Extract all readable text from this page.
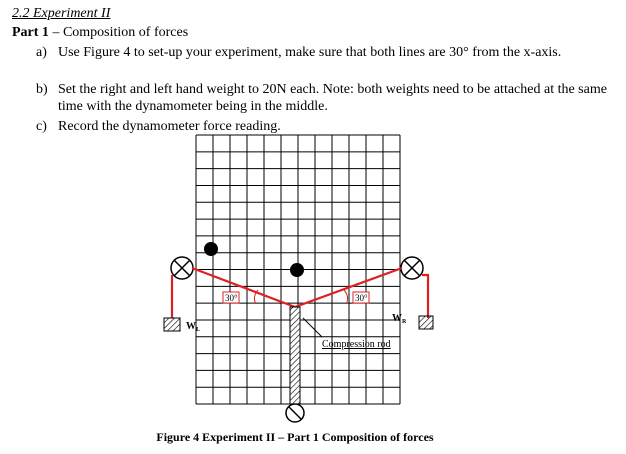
2.2 Experiment II
Part 1 – Composition of forces
a) Use Figure 4 to set-up your experiment, make sure that both lines are 30° from the x-axis.
b) Set the right and left hand weight to 20N each. Note: both weights need to be attached at the same time with the dynamometer being in the middle.
c) Record the dynamometer force reading.
30°	30°
$W_L$
$W_R$
Compression rod
Figure 4 Experiment II – Part 1 Composition of forces
